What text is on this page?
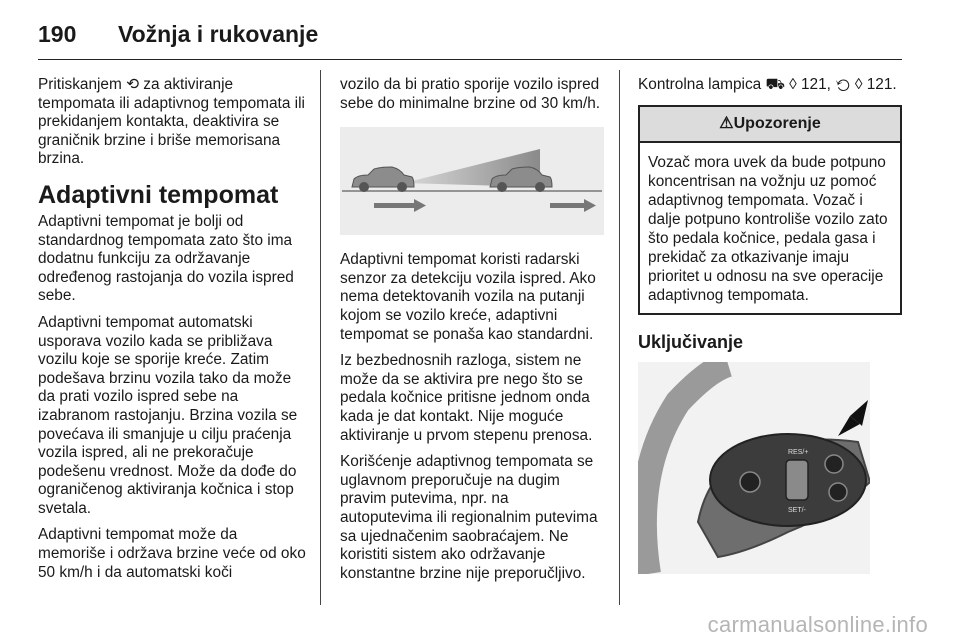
190	Vožnja i rukovanje

Pritiskanjem ⟲ za aktiviranje tempomata ili adaptivnog tempomata ili prekidanjem kontakta, deaktivira se graničnik brzine i briše memorisana brzina.

Adaptivni tempomat

Adaptivni tempomat je bolji od standardnog tempomata zato što ima dodatnu funkciju za održavanje određenog rastojanja do vozila ispred sebe.

Adaptivni tempomat automatski usporava vozilo kada se približava vozilu koje se sporije kreće. Zatim podešava brzinu vozila tako da može da prati vozilo ispred sebe na izabranom rastojanju. Brzina vozila se povećava ili smanjuje u cilju praćenja vozila ispred, ali ne prekoračuje podešenu vrednost. Može da dođe do ograničenog aktiviranja kočnica i stop svetala.

Adaptivni tempomat može da memoriše i održava brzine veće od oko 50 km/h i da automatski koči

vozilo da bi pratio sporije vozilo ispred sebe do minimalne brzine od 30 km/h.

Adaptivni tempomat koristi radarski senzor za detekciju vozila ispred. Ako nema detektovanih vozila na putanji kojom se vozilo kreće, adaptivni tempomat se ponaša kao standardni.

Iz bezbednosnih razloga, sistem ne može da se aktivira pre nego što se pedala kočnice pritisne jednom onda kada je dat kontakt. Nije moguće aktiviranje u prvom stepenu prenosa.

Korišćenje adaptivnog tempomata se uglavnom preporučuje na dugim pravim putevima, npr. na autoputevima ili regionalnim putevima sa ujednačenim saobraćajem. Ne koristiti sistem ako održavanje konstantne brzine nije preporučljivo.

Kontrolna lampica ⛟ ◊ 121, ⟲ ◊ 121.

⚠Upozorenje
Vozač mora uvek da bude potpuno koncentrisan na vožnju uz pomoć adaptivnog tempomata. Vozač i dalje potpuno kontroliše vozilo zato što pedala kočnice, pedala gasa i prekidač za otkazivanje imaju prioritet u odnosu na sve operacije adaptivnog tempomata.
Uključivanje
RES/+
SET/-
carmanualsonline.info
